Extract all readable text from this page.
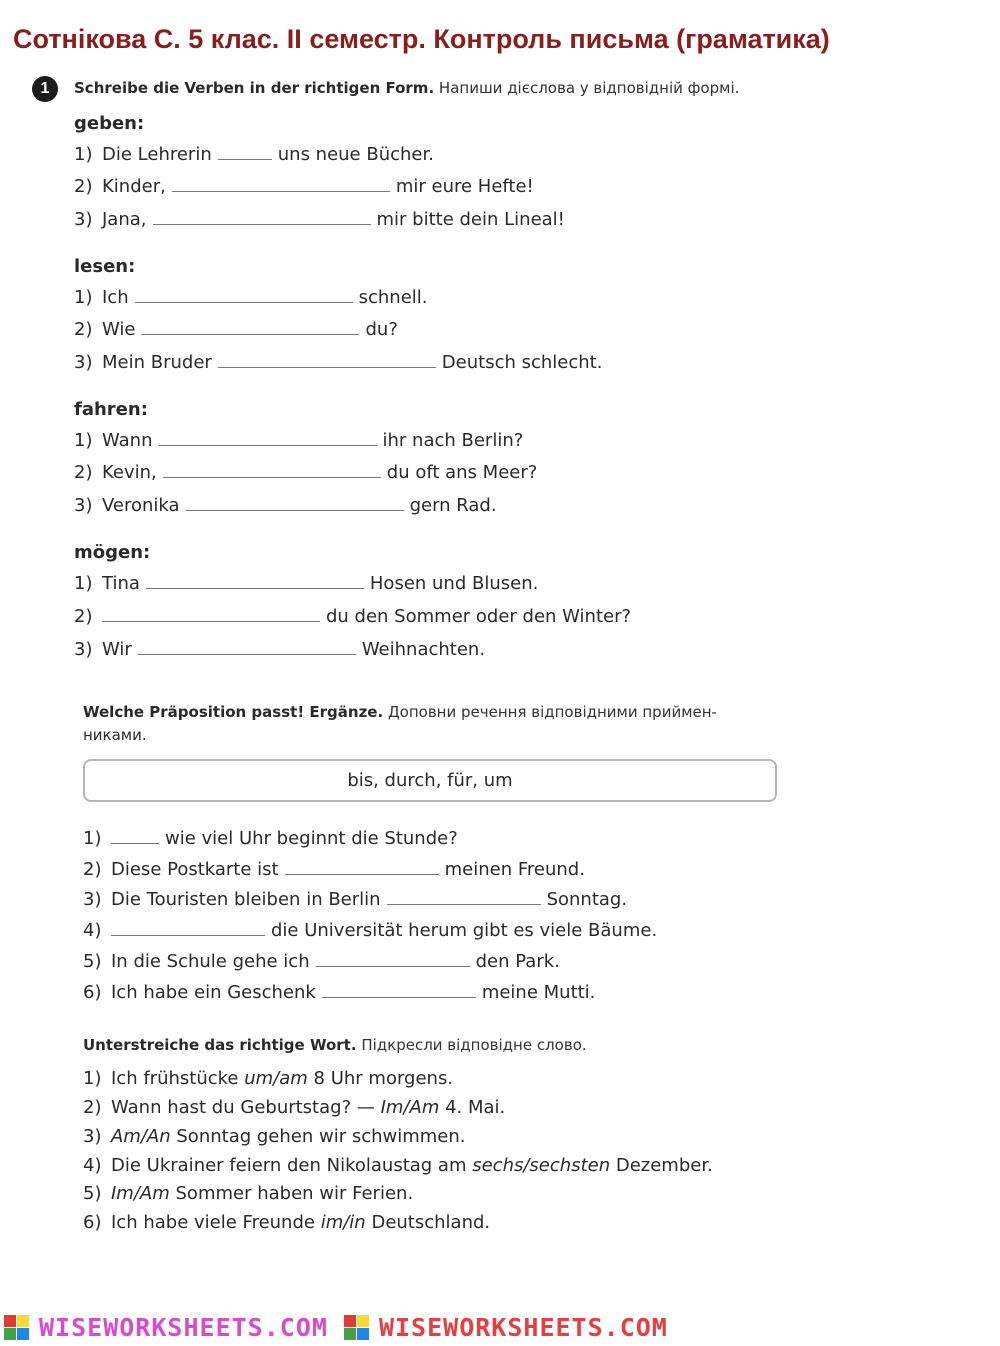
Сотнікова С. 5 клас. ІІ семестр. Контроль письма (граматика)
1	Schreibe die Verben in der richtigen Form. Напиши дієслова у відповідній формі.
geben:
1) Die Lehrerin	uns neue Bücher.
2) Kinder,	mir eure Hefte!
3) Jana,	mir bitte dein Lineal!
lesen:
1) Ich	schnell.
2) Wie	du?
3) Mein Bruder	Deutsch schlecht.
fahren:
1) Wann	ihr nach Berlin?
2) Kevin,	du oft ans Meer?
3) Veronika	gern Rad.
mögen:
1) Tina	Hosen und Blusen.
2)	du den Sommer oder den Winter?
3) Wir	Weihnachten.
Welche Präposition passt! Ergänze. Доповни речення відповідними приймен-
никами.
bis, durch, für, um
1)	wie viel Uhr beginnt die Stunde?
2) Diese Postkarte ist	meinen Freund.
3) Die Touristen bleiben in Berlin	Sonntag.
4)	die Universität herum gibt es viele Bäume.
5) In die Schule gehe ich	den Park.
6) Ich habe ein Geschenk	meine Mutti.
Unterstreiche das richtige Wort. Підкресли відповідне слово.
1) Ich frühstücke um/am 8 Uhr morgens.
2) Wann hast du Geburtstag? — Im/Am 4. Mai.
3) Am/An Sonntag gehen wir schwimmen.
4) Die Ukrainer feiern den Nikolaustag am sechs/sechsten Dezember.
5) Im/Am Sommer haben wir Ferien.
6) Ich habe viele Freunde im/in Deutschland.
WISEWORKSHEETS.COM WISEWORKSHEETS.COM
